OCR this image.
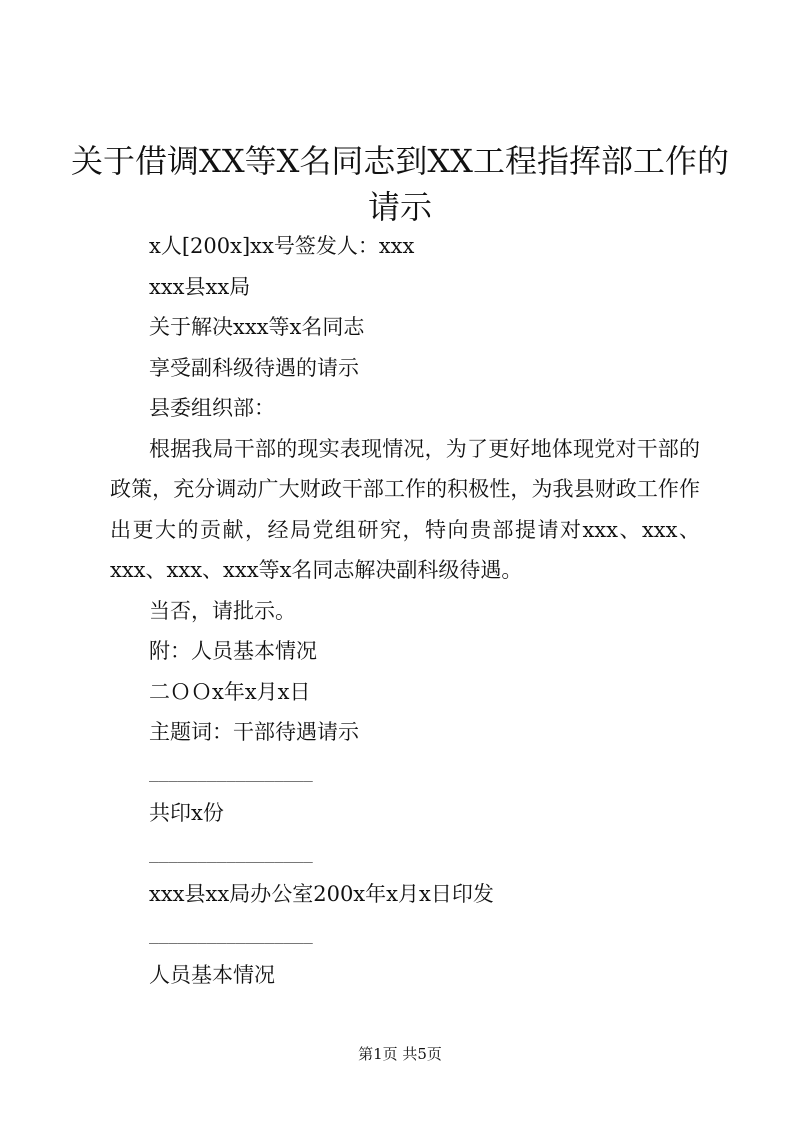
关于借调XX等X名同志到XX工程指挥部工作的请示

x人[200x]xx号签发人：xxx

xxx县xx局

关于解决xxx等x名同志

享受副科级待遇的请示

县委组织部：

根据我局干部的现实表现情况，为了更好地体现党对干部的政策，充分调动广大财政干部工作的积极性，为我县财政工作作出更大的贡献，经局党组研究，特向贵部提请对xxx、xxx、xxx、xxx、xxx等x名同志解决副科级待遇。

当否，请批示。

附：人员基本情况

二ＯＯx年x月x日

主题词：干部待遇请示

_________________

共印x份

_________________

xxx县xx局办公室200x年x月x日印发

_________________

人员基本情况

第1页 共5页
